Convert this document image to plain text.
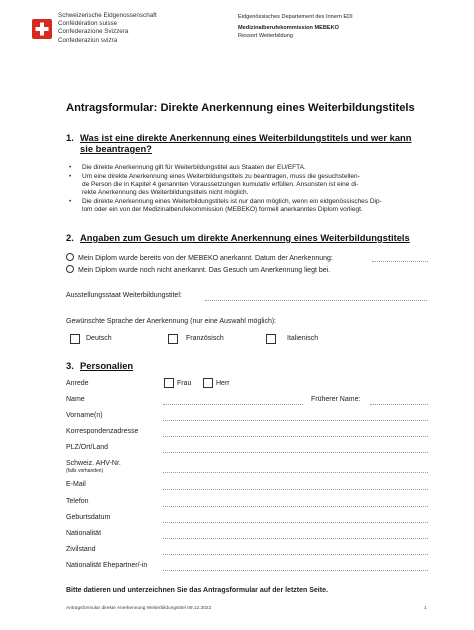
Schweizerische Eidgenossenschaft
Confédération suisse
Confederazione Svizzera
Confederaziun svizra
Eidgenössisches Departement des Innern EDI
Medizinalberufekommission MEBEKO
Ressort Weiterbildung
Antragsformular: Direkte Anerkennung eines Weiterbildungstitels
1. Was ist eine direkte Anerkennung eines Weiterbildungstitels und wer kann
sie beantragen?
• Die direkte Anerkennung gilt für Weiterbildungstitel aus Staaten der EU/EFTA.
• Um eine direkte Anerkennung eines Weiterbildungstitels zu beantragen, muss die gesuchstellen-
de Person die in Kapitel 4 genannten Voraussetzungen kumulativ erfüllen. Ansonsten ist eine di-
rekte Anerkennung des Weiterbildungstitels nicht möglich.
• Die direkte Anerkennung eines Weiterbildungstitels ist nur dann möglich, wenn ein eidgenössisches Dip-
lom oder ein von der Medizinalberufekommission (MEBEKO) formell anerkanntes Diplom vorliegt.
2. Angaben zum Gesuch um direkte Anerkennung eines Weiterbildungstitels
Mein Diplom wurde bereits von der MEBEKO anerkannt. Datum der Anerkennung:
Mein Diplom wurde noch nicht anerkannt. Das Gesuch um Anerkennung liegt bei.
Ausstellungsstaat Weiterbildungstitel:
Gewünschte Sprache der Anerkennung (nur eine Auswahl möglich):
Deutsch	Französisch	Italienisch
3. Personalien
Anrede	Frau	Herr
Name	Früherer Name:
Vorname(n)
Korrespondenzadresse
PLZ/Ort/Land
Schweiz. AHV-Nr.
(falls vorhanden)
E-Mail
Telefon
Geburtsdatum
Nationalität
Zivilstand
Nationalität Ehepartner/-in
Bitte datieren und unterzeichnen Sie das Antragsformular auf der letzten Seite.
Antragsformular direkte Anerkennung Weiterbildungstitel 09.12.2022	1
